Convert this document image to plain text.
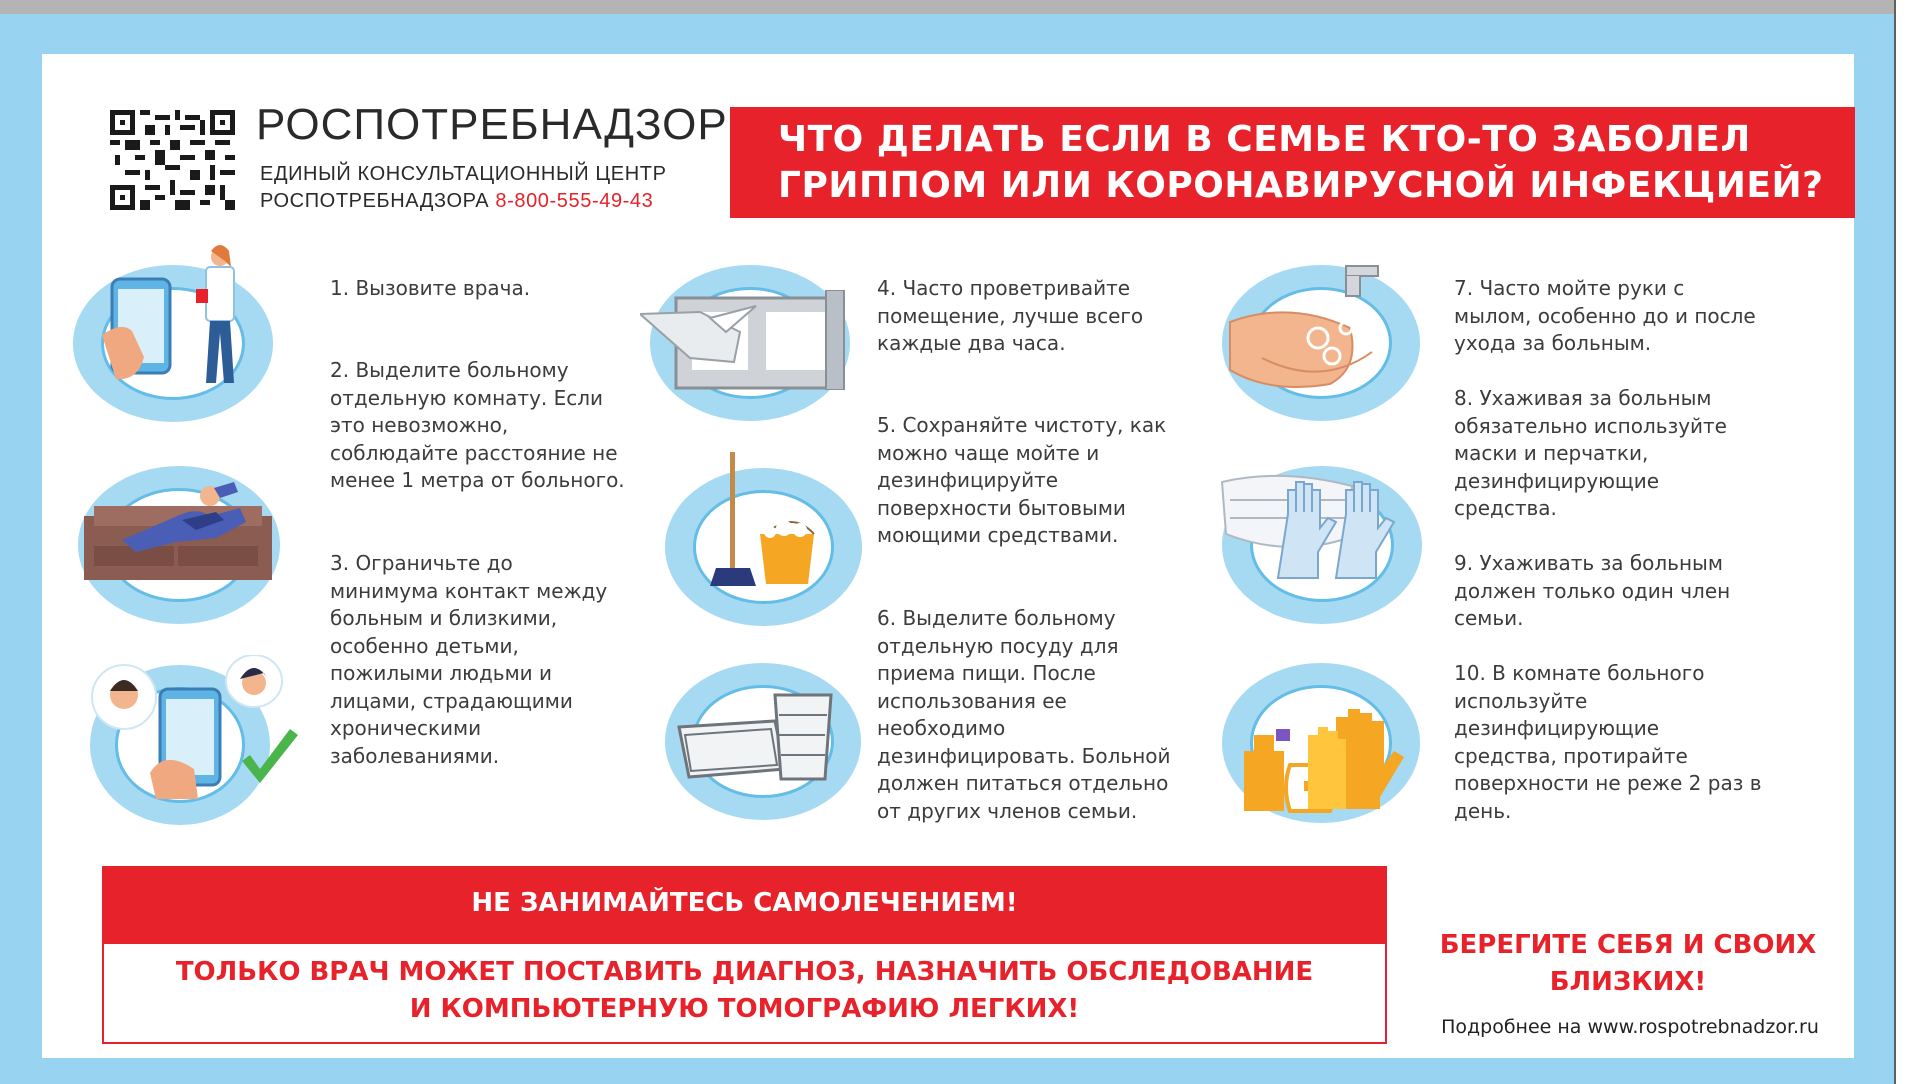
РОСПОТРЕБНАДЗОР
ЕДИНЫЙ КОНСУЛЬТАЦИОННЫЙ ЦЕНТР
РОСПОТРЕБНАДЗОРА 8-800-555-49-43
ЧТО ДЕЛАТЬ ЕСЛИ В СЕМЬЕ КТО-ТО ЗАБОЛЕЛ
ГРИППОМ ИЛИ КОРОНАВИРУСНОЙ ИНФЕКЦИЕЙ?
1. Вызовите врача.
2. Выделите больному
отдельную комнату. Если
это невозможно,
соблюдайте расстояние не
менее 1 метра от больного.
3. Ограничьте до
минимума контакт между
больным и близкими,
особенно детьми,
пожилыми людьми и
лицами, страдающими
хроническими
заболеваниями.
4. Часто проветривайте
помещение, лучше всего
каждые два часа.
5. Сохраняйте чистоту, как
можно чаще мойте и
дезинфицируйте
поверхности бытовыми
моющими средствами.
6. Выделите больному
отдельную посуду для
приема пищи. После
использования ее
необходимо
дезинфицировать. Больной
должен питаться отдельно
от других членов семьи.
7. Часто мойте руки с
мылом, особенно до и после
ухода за больным.
8. Ухаживая за больным
обязательно используйте
маски и перчатки,
дезинфицирующие
средства.
9. Ухаживать за больным
должен только один член
семьи.
10. В комнате больного
используйте
дезинфицирующие
средства, протирайте
поверхности не реже 2 раз в
день.
НЕ ЗАНИМАЙТЕСЬ САМОЛЕЧЕНИЕМ!
ТОЛЬКО ВРАЧ МОЖЕТ ПОСТАВИТЬ ДИАГНОЗ, НАЗНАЧИТЬ ОБСЛЕДОВАНИЕ
И КОМПЬЮТЕРНУЮ ТОМОГРАФИЮ ЛЕГКИХ!
БЕРЕГИТЕ СЕБЯ И СВОИХ
БЛИЗКИХ!
Подробнее на www.rospotrebnadzor.ru
